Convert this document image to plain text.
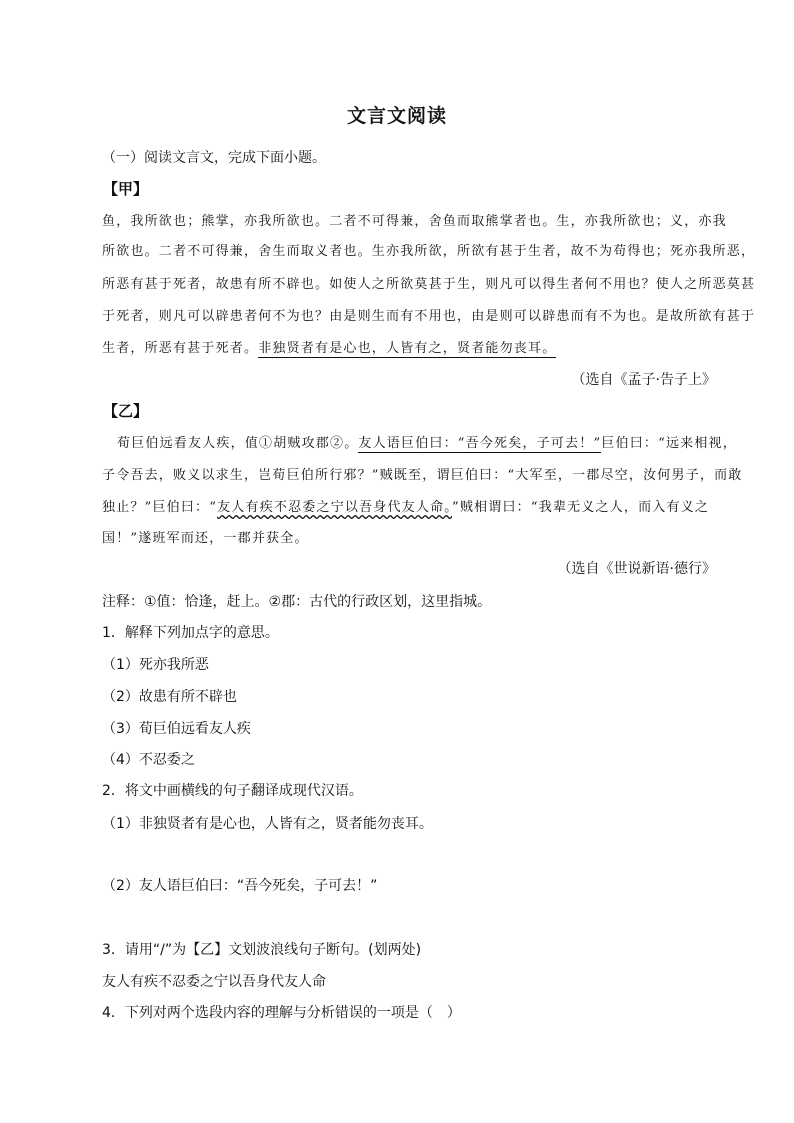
文言文阅读
（一）阅读文言文，完成下面小题。
【甲】
鱼，我所欲也；熊掌，亦我所欲也。二者不可得兼，舍鱼而取熊掌者也。生，亦我所欲也；义，亦我
所欲也。二者不可得兼，舍生而取义者也。生亦我所欲，所欲有甚于生者，故不为苟得也；死亦我所恶，
所恶有甚于死者，故患有所不辟也。如使人之所欲莫甚于生，则凡可以得生者何不用也？使人之所恶莫甚
于死者，则凡可以辟患者何不为也？由是则生而有不用也，由是则可以辟患而有不为也。是故所欲有甚于
生者，所恶有甚于死者。非独贤者有是心也，人皆有之，贤者能勿丧耳。
（选自《孟子·告子上》
【乙】
荀巨伯远看友人疾，值①胡贼攻郡②。友人语巨伯曰：“吾今死矣，子可去！”巨伯曰：“远来相视，
子令吾去，败义以求生，岂荀巨伯所行邪？”贼既至，谓巨伯曰：“大军至，一郡尽空，汝何男子，而敢
独止？”巨伯曰：“友人有疾不忍委之宁以吾身代友人命。”贼相谓曰：“我辈无义之人，而入有义之
国！”遂班军而还，一郡并获全。
（选自《世说新语·德行》
注释：①值：恰逢，赶上。②郡：古代的行政区划，这里指城。
1．解释下列加点字的意思。
（1）死亦我所恶
（2）故患有所不辟也
（3）荀巨伯远看友人疾
（4）不忍委之
2．将文中画横线的句子翻译成现代汉语。
（1）非独贤者有是心也，人皆有之，贤者能勿丧耳。
（2）友人语巨伯曰：“吾今死矣，子可去！”
3．请用“/”为【乙】文划波浪线句子断句。(划两处)
友人有疾不忍委之宁以吾身代友人命
4．下列对两个选段内容的理解与分析错误的一项是（　）
